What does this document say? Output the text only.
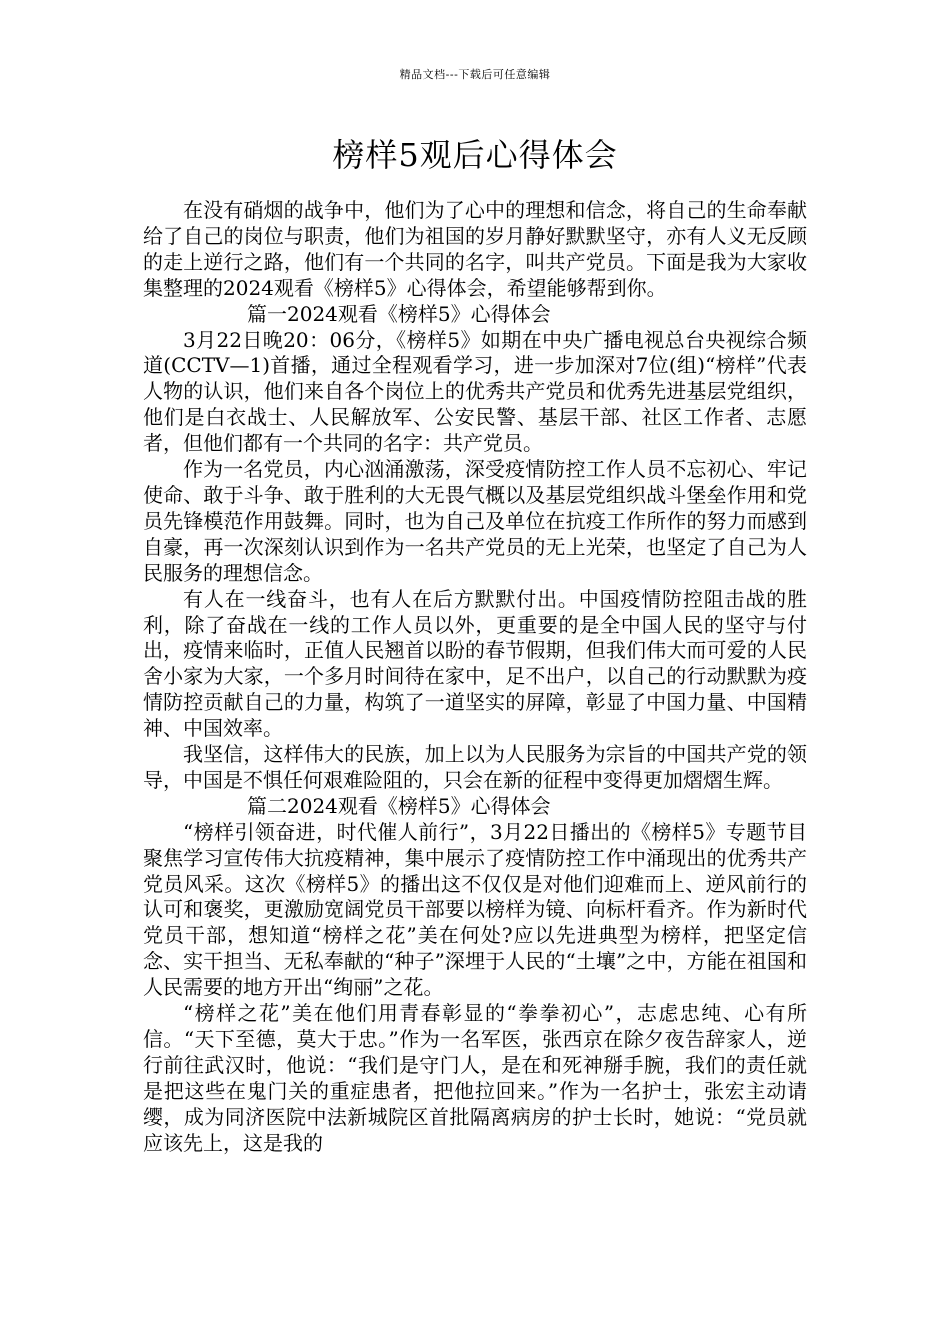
精品文档---下载后可任意编辑
榜样5观后心得体会

在没有硝烟的战争中，他们为了心中的理想和信念，将自己的生命奉献给了自己的岗位与职责，他们为祖国的岁月静好默默坚守，亦有人义无反顾的走上逆行之路，他们有一个共同的名字，叫共产党员。下面是我为大家收集整理的2024观看《榜样5》心得体会，希望能够帮到你。

篇一2024观看《榜样5》心得体会

3月22日晚20：06分，《榜样5》如期在中央广播电视总台央视综合频道(CCTV—1)首播，通过全程观看学习，进一步加深对7位(组)“榜样”代表人物的认识，他们来自各个岗位上的优秀共产党员和优秀先进基层党组织，他们是白衣战士、人民解放军、公安民警、基层干部、社区工作者、志愿者，但他们都有一个共同的名字：共产党员。

作为一名党员，内心汹涌激荡，深受疫情防控工作人员不忘初心、牢记使命、敢于斗争、敢于胜利的大无畏气概以及基层党组织战斗堡垒作用和党员先锋模范作用鼓舞。同时，也为自己及单位在抗疫工作所作的努力而感到自豪，再一次深刻认识到作为一名共产党员的无上光荣，也坚定了自己为人民服务的理想信念。

有人在一线奋斗，也有人在后方默默付出。中国疫情防控阻击战的胜利，除了奋战在一线的工作人员以外，更重要的是全中国人民的坚守与付出，疫情来临时，正值人民翘首以盼的春节假期，但我们伟大而可爱的人民舍小家为大家，一个多月时间待在家中，足不出户，以自己的行动默默为疫情防控贡献自己的力量，构筑了一道坚实的屏障，彰显了中国力量、中国精神、中国效率。

我坚信，这样伟大的民族，加上以为人民服务为宗旨的中国共产党的领导，中国是不惧任何艰难险阻的，只会在新的征程中变得更加熠熠生辉。

篇二2024观看《榜样5》心得体会

“榜样引领奋进，时代催人前行”，3月22日播出的《榜样5》专题节目聚焦学习宣传伟大抗疫精神，集中展示了疫情防控工作中涌现出的优秀共产党员风采。这次《榜样5》的播出这不仅仅是对他们迎难而上、逆风前行的认可和褒奖，更激励宽阔党员干部要以榜样为镜、向标杆看齐。作为新时代党员干部，想知道“榜样之花”美在何处?应以先进典型为榜样，把坚定信念、实干担当、无私奉献的“种子”深埋于人民的“土壤”之中，方能在祖国和人民需要的地方开出“绚丽”之花。

“榜样之花”美在他们用青春彰显的“拳拳初心”，志虑忠纯、心有所信。“天下至德，莫大于忠。”作为一名军医，张西京在除夕夜告辞家人，逆行前往武汉时，他说：“我们是守门人，是在和死神掰手腕，我们的责任就是把这些在鬼门关的重症患者，把他拉回来。”作为一名护士，张宏主动请缨，成为同济医院中法新城院区首批隔离病房的护士长时，她说：“党员就应该先上，这是我的
